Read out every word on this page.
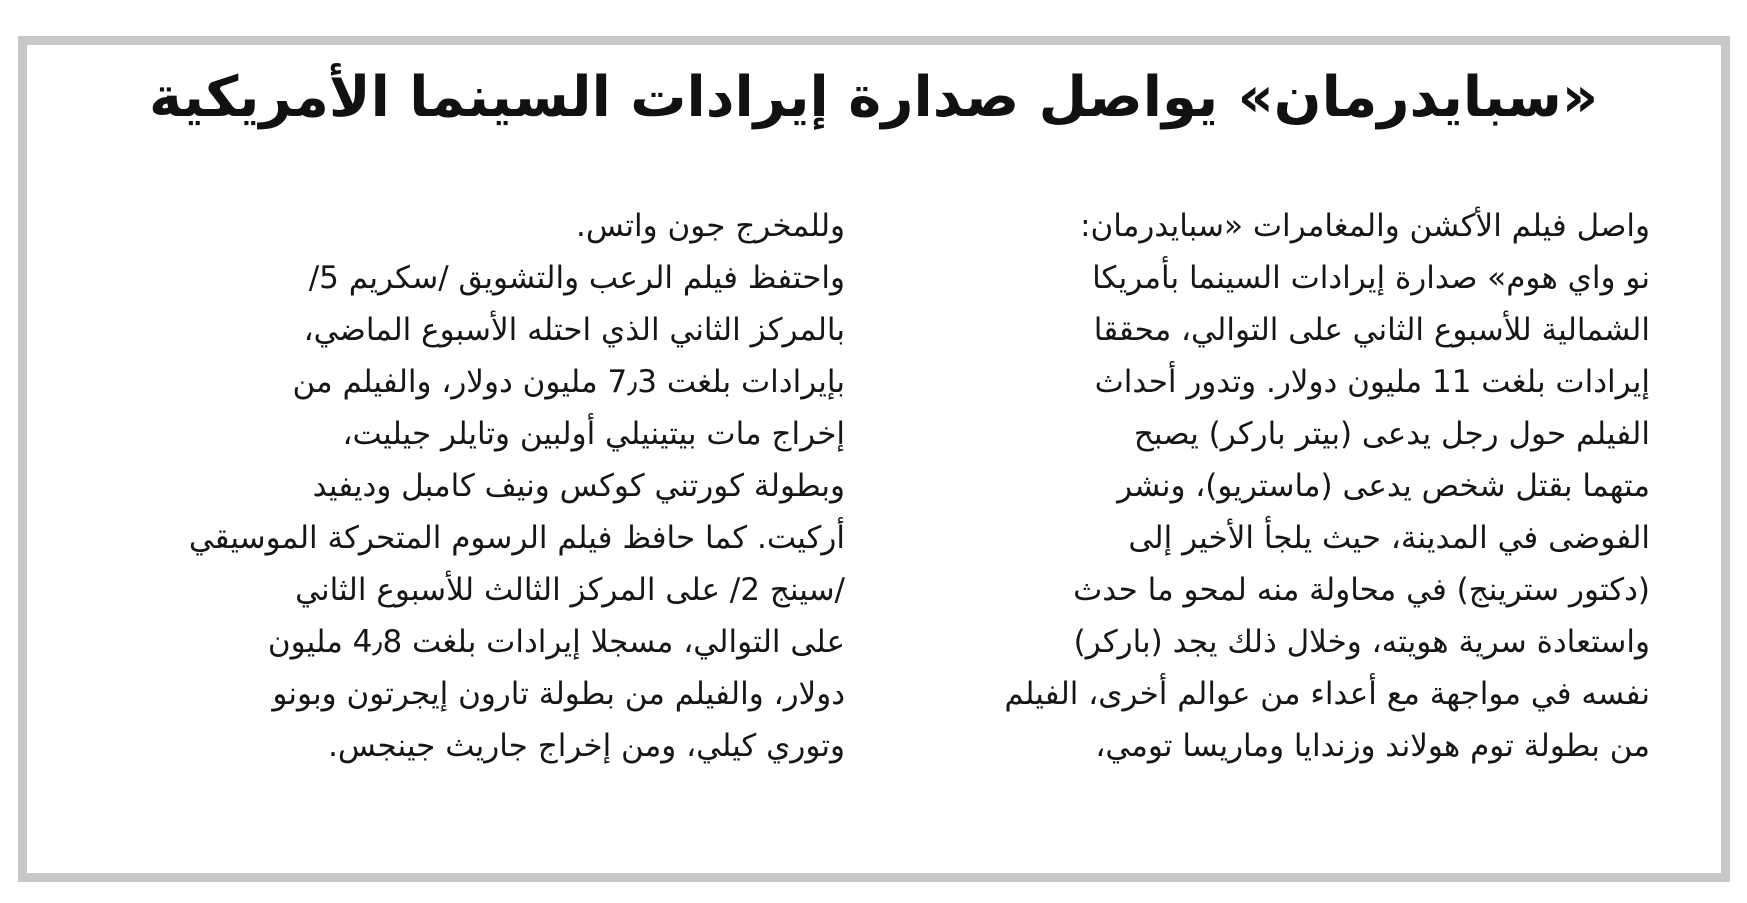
«سبايدرمان» يواصل صدارة إيرادات السينما الأمريكية
واصل فيلم الأكشن والمغامرات «سبايدرمان:
نو واي هوم» صدارة إيرادات السينما بأمريكا
الشمالية للأسبوع الثاني على التوالي، محققا
إيرادات بلغت 11 مليون دولار. وتدور أحداث
الفيلم حول رجل يدعى (بيتر باركر) يصبح
متهما بقتل شخص يدعى (ماستريو)، ونشر
الفوضى في المدينة، حيث يلجأ الأخير إلى
(دكتور سترينج) في محاولة منه لمحو ما حدث
واستعادة سرية هويته، وخلال ذلك يجد (باركر)
نفسه في مواجهة مع أعداء من عوالم أخرى، الفيلم
من بطولة توم هولاند وزندايا وماريسا تومي،
وللمخرج جون واتس.
واحتفظ فيلم الرعب والتشويق /سكريم 5/
بالمركز الثاني الذي احتله الأسبوع الماضي،
بإيرادات بلغت 7٫3 مليون دولار، والفيلم من
إخراج مات بيتينيلي أولبين وتايلر جيليت،
وبطولة كورتني كوكس ونيف كامبل وديفيد
أركيت. كما حافظ فيلم الرسوم المتحركة الموسيقي
/سينج 2/ على المركز الثالث للأسبوع الثاني
على التوالي، مسجلا إيرادات بلغت 4٫8 مليون
دولار، والفيلم من بطولة تارون إيجرتون وبونو
وتوري كيلي، ومن إخراج جاريث جينجس.
